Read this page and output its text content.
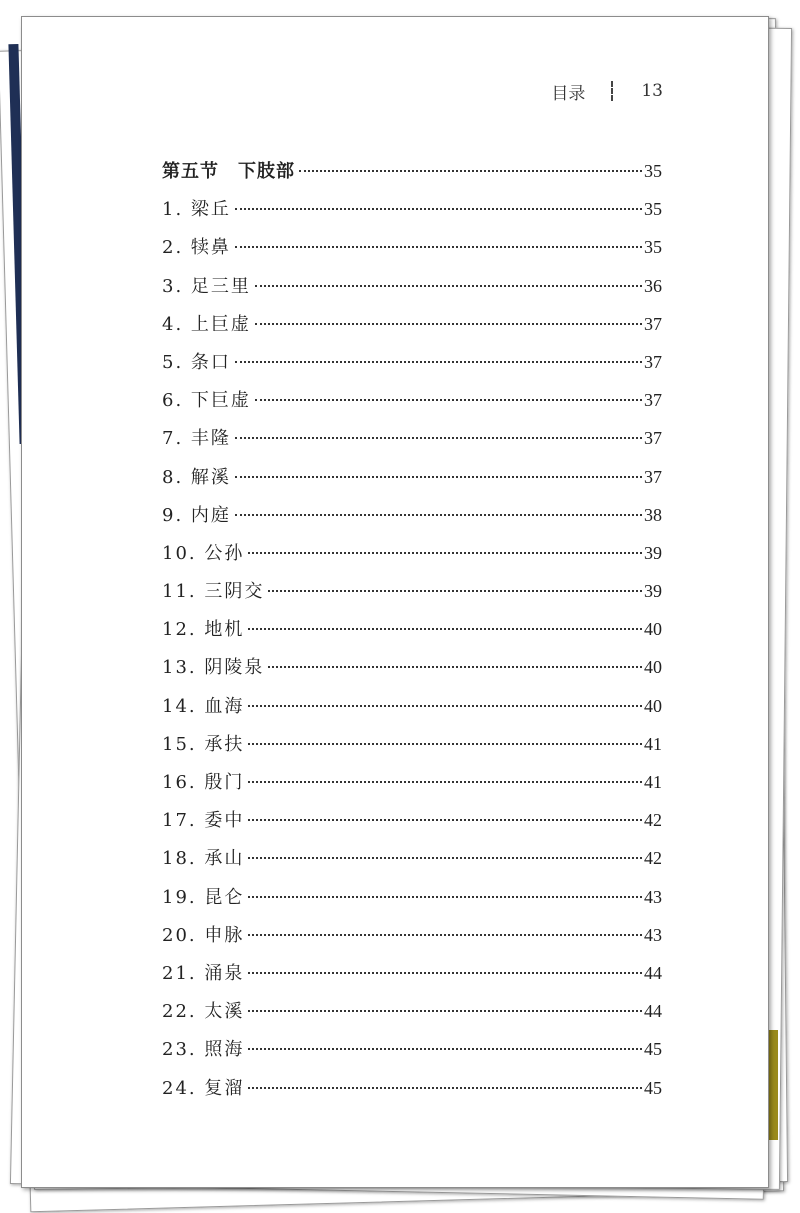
目录	13
第五节　下肢部	35
1. 梁丘	35
2. 犊鼻	35
3. 足三里	36
4. 上巨虚	37
5. 条口	37
6. 下巨虚	37
7. 丰隆	37
8. 解溪	37
9. 内庭	38
10. 公孙	39
11. 三阴交	39
12. 地机	40
13. 阴陵泉	40
14. 血海	40
15. 承扶	41
16. 殷门	41
17. 委中	42
18. 承山	42
19. 昆仑	43
20. 申脉	43
21. 涌泉	44
22. 太溪	44
23. 照海	45
24. 复溜	45
